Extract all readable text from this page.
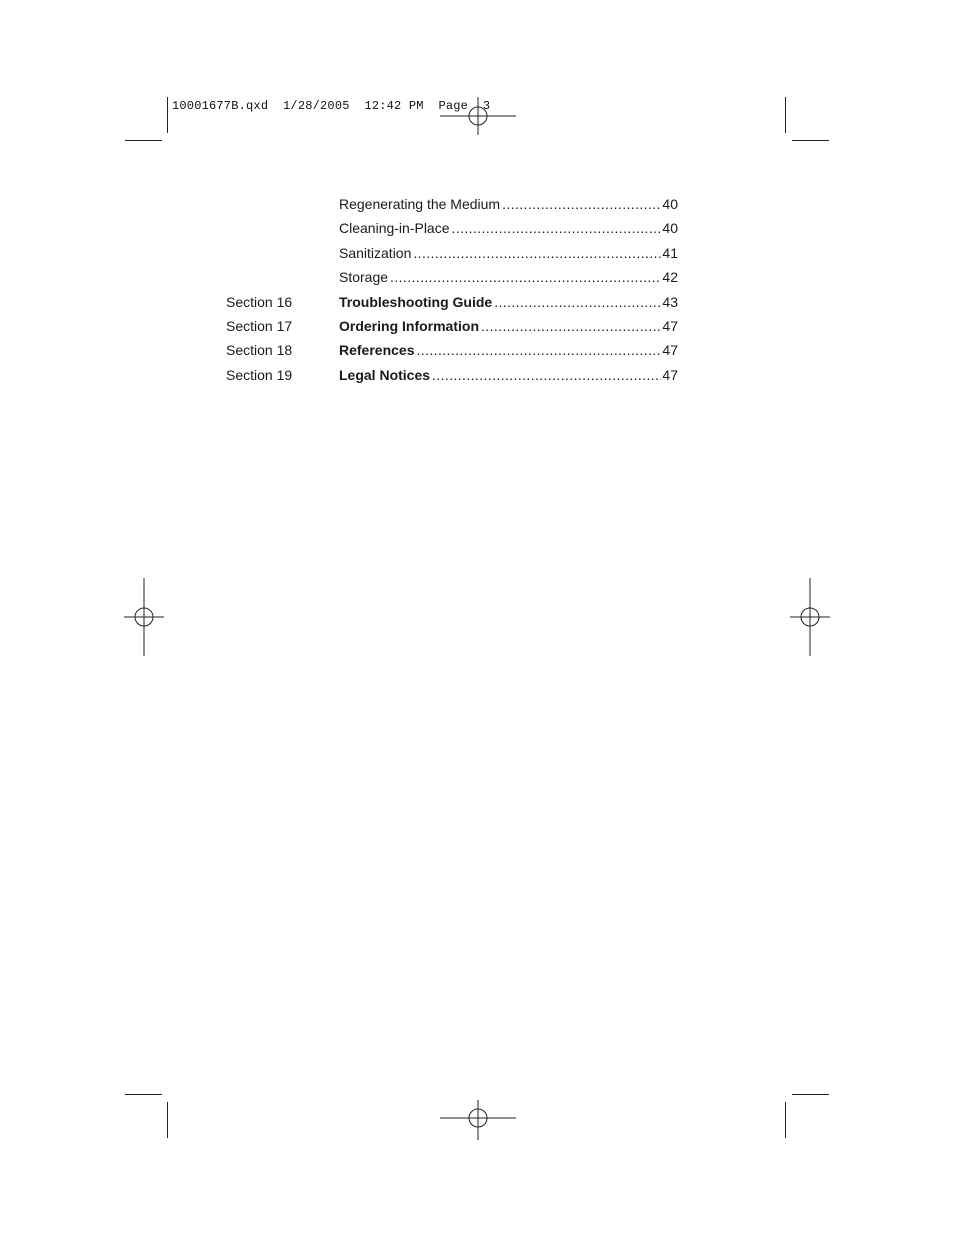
10001677B.qxd  1/28/2005  12:42 PM  Page  3
Regenerating the Medium .....	40
Cleaning-in-Place .....	40
Sanitization .....	41
Storage .....	42
Section 16	Troubleshooting Guide .....	43
Section 17	Ordering Information .....	47
Section 18	References .....	47
Section 19	Legal Notices .....	47
